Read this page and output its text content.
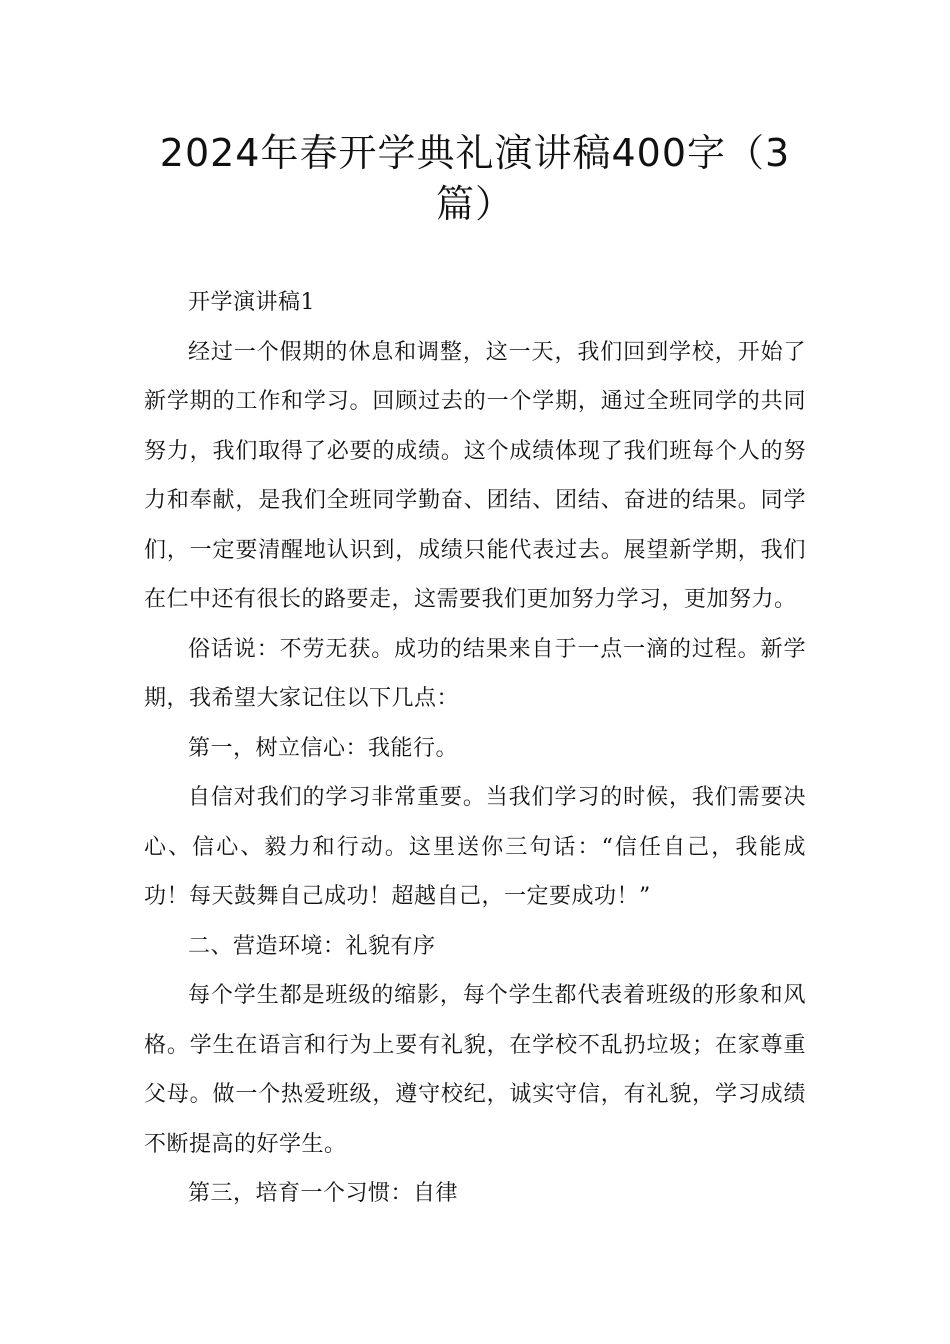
2024年春开学典礼演讲稿400字（3篇）

开学演讲稿1

经过一个假期的休息和调整，这一天，我们回到学校，开始了新学期的工作和学习。回顾过去的一个学期，通过全班同学的共同努力，我们取得了必要的成绩。这个成绩体现了我们班每个人的努力和奉献，是我们全班同学勤奋、团结、团结、奋进的结果。同学们，一定要清醒地认识到，成绩只能代表过去。展望新学期，我们在仁中还有很长的路要走，这需要我们更加努力学习，更加努力。

俗话说：不劳无获。成功的结果来自于一点一滴的过程。新学期，我希望大家记住以下几点：

第一，树立信心：我能行。

自信对我们的学习非常重要。当我们学习的时候，我们需要决心、信心、毅力和行动。这里送你三句话：“信任自己，我能成功！每天鼓舞自己成功！超越自己，一定要成功！”

二、营造环境：礼貌有序

每个学生都是班级的缩影，每个学生都代表着班级的形象和风格。学生在语言和行为上要有礼貌，在学校不乱扔垃圾；在家尊重父母。做一个热爱班级，遵守校纪，诚实守信，有礼貌，学习成绩不断提高的好学生。

第三，培育一个习惯：自律
